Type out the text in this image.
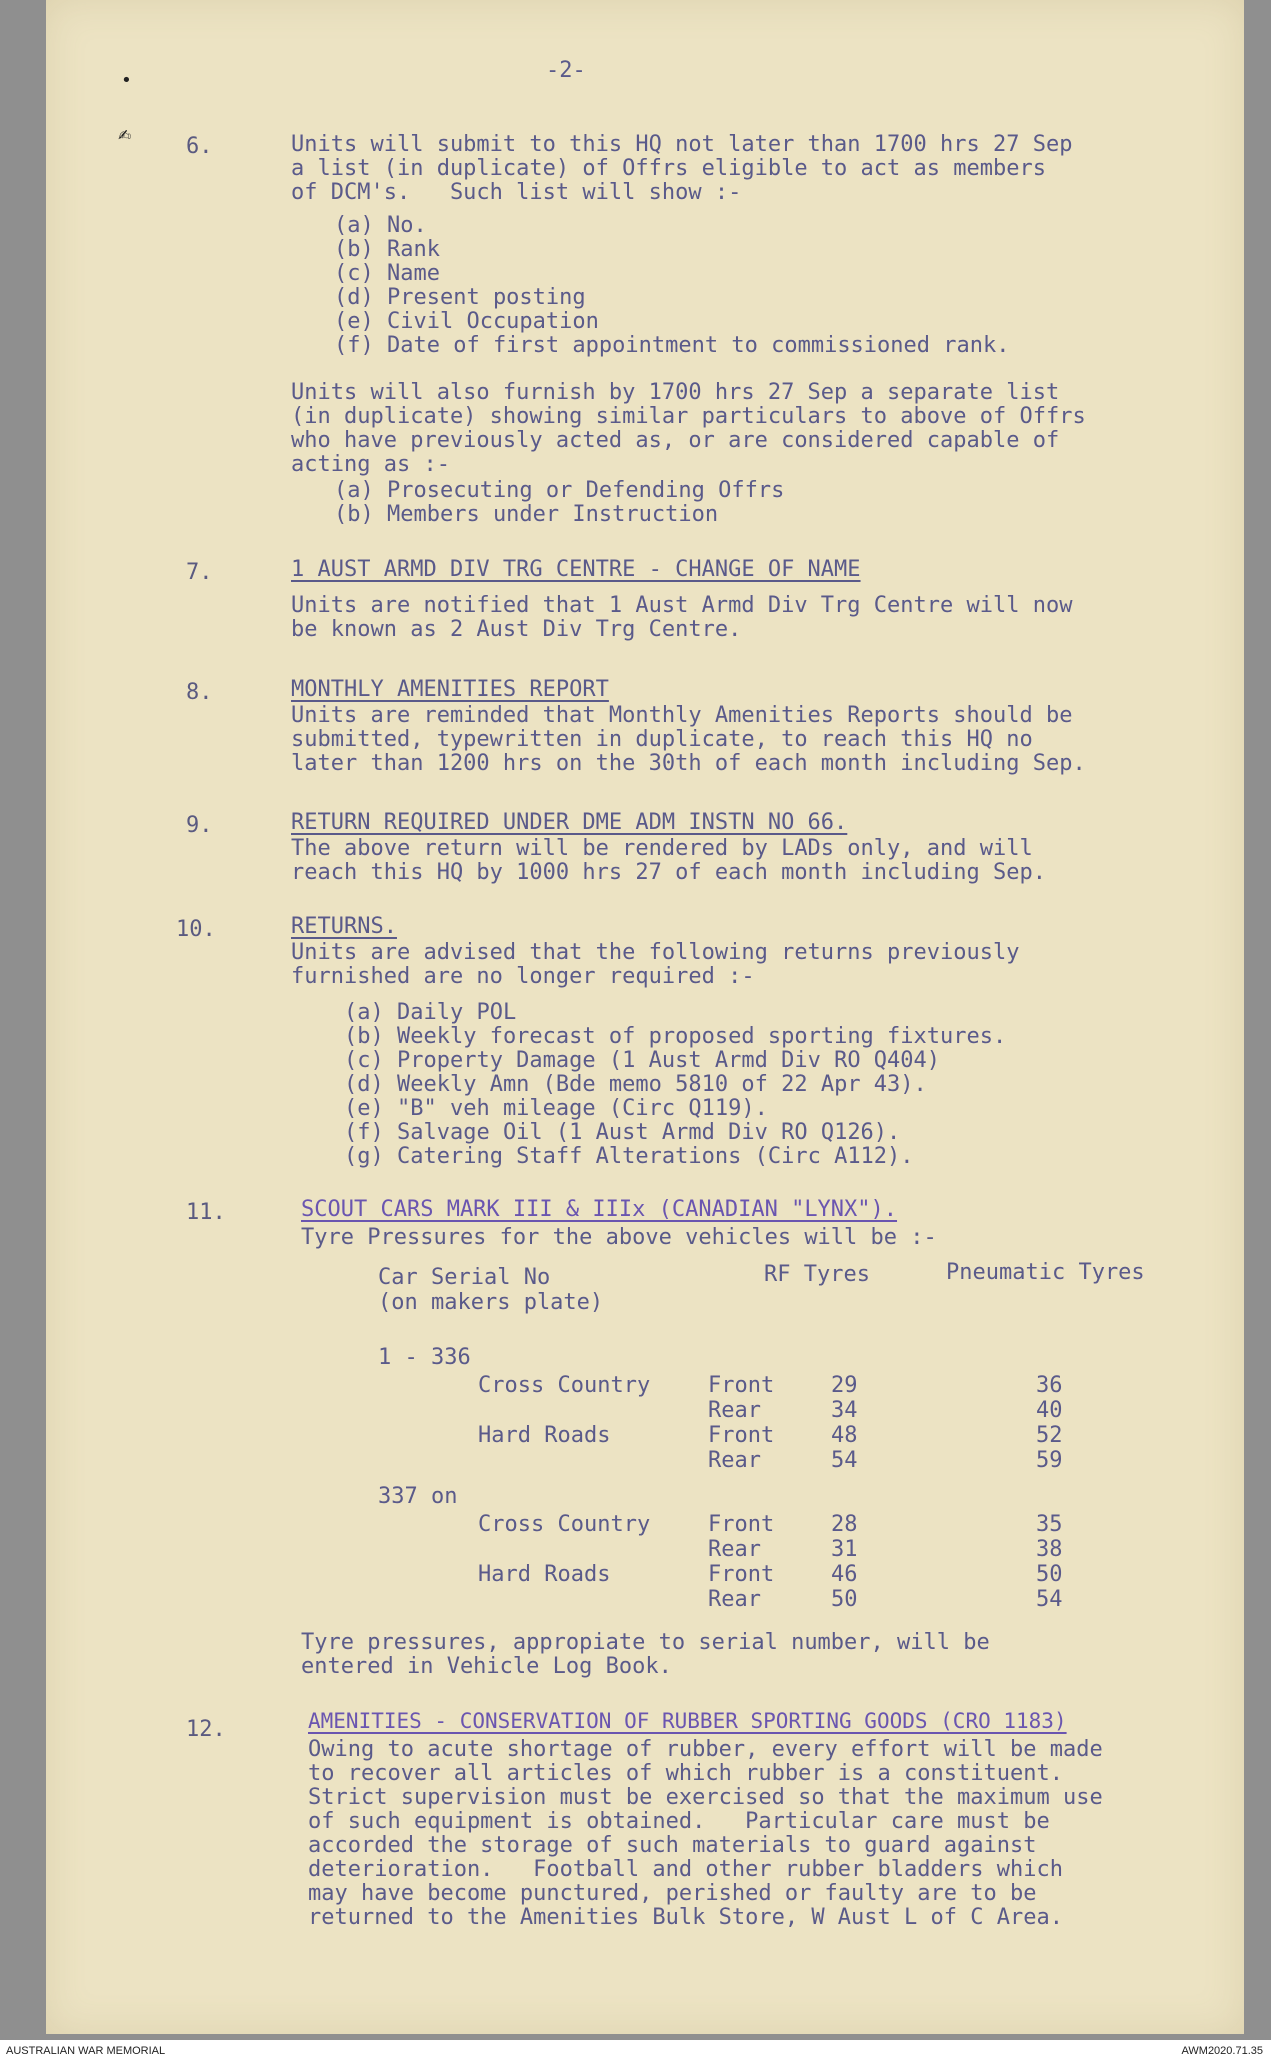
-2-
•
✍ 6.	Units will submit to this HQ not later than 1700 hrs 27 Sep
a list (in duplicate) of Offrs eligible to act as members
of DCM's.   Such list will show :-
(a) No.
(b) Rank
(c) Name
(d) Present posting
(e) Civil Occupation
(f) Date of first appointment to commissioned rank.
Units will also furnish by 1700 hrs 27 Sep a separate list
(in duplicate) showing similar particulars to above of Offrs
who have previously acted as, or are considered capable of
acting as :-
(a) Prosecuting or Defending Offrs
(b) Members under Instruction
7.	1 AUST ARMD DIV TRG CENTRE - CHANGE OF NAME
Units are notified that 1 Aust Armd Div Trg Centre will now
be known as 2 Aust Div Trg Centre.
8.	MONTHLY AMENITIES REPORT
Units are reminded that Monthly Amenities Reports should be
submitted, typewritten in duplicate, to reach this HQ no
later than 1200 hrs on the 30th of each month including Sep.
9.	RETURN REQUIRED UNDER DME ADM INSTN NO 66.
The above return will be rendered by LADs only, and will
reach this HQ by 1000 hrs 27 of each month including Sep.
10.	RETURNS.
Units are advised that the following returns previously
furnished are no longer required :-
(a) Daily POL
(b) Weekly forecast of proposed sporting fixtures.
(c) Property Damage (1 Aust Armd Div RO Q404)
(d) Weekly Amn (Bde memo 5810 of 22 Apr 43).
(e) "B" veh mileage (Circ Q119).
(f) Salvage Oil (1 Aust Armd Div RO Q126).
(g) Catering Staff Alterations (Circ A112).
11.	SCOUT CARS MARK III & IIIx (CANADIAN "LYNX").
Tyre Pressures for the above vehicles will be :-
Car Serial No
(on makers plate)
RF Tyres	Pneumatic Tyres
Tyre pressures, appropiate to serial number, will be
entered in Vehicle Log Book.
12.	AMENITIES - CONSERVATION OF RUBBER SPORTING GOODS (CRO 1183)
Owing to acute shortage of rubber, every effort will be made
to recover all articles of which rubber is a constituent.
Strict supervision must be exercised so that the maximum use
of such equipment is obtained.   Particular care must be
accorded the storage of such materials to guard against
deterioration.   Football and other rubber bladders which
may have become punctured, perished or faulty are to be
returned to the Amenities Bulk Store, W Aust L of C Area.
1 - 336
Cross Country	Front	29	36
Rear	34	40
Hard Roads	Front	48	52
Rear	54	59
337 on
Cross Country	Front	28	35
Rear	31	38
Hard Roads	Front	46	50
Rear	50	54
AUSTRALIAN WAR MEMORIAL	AWM2020.71.35
